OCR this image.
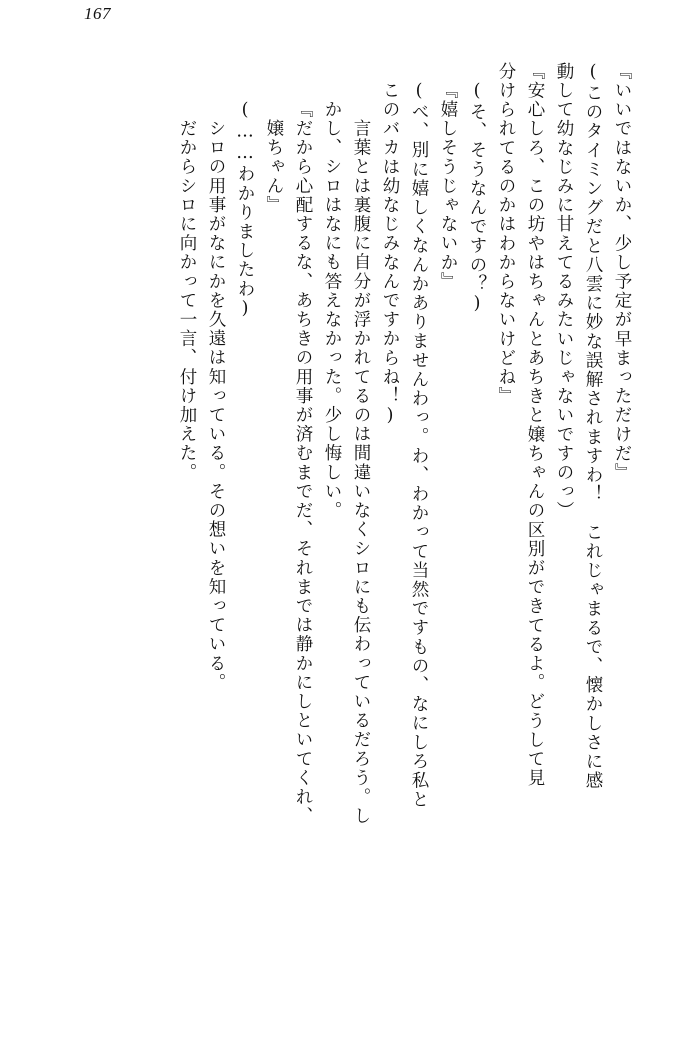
167
『いいではないか、少し予定が早まっただけだ』
(このタイミングだと八雲に妙な誤解されますわ！　これじゃまるで、懐かしさに感
動して幼なじみに甘えてるみたいじゃないですのっ）
『安心しろ、この坊やはちゃんとあちきと嬢ちゃんの区別ができてるよ。どうして見
分けられてるのかはわからないけどね』
(そ、そうなんですの？)
『嬉しそうじゃないか』
(べ、別に嬉しくなんかありませんわっ。わ、わかって当然ですもの、なにしろ私と
このバカは幼なじみなんですからね！)
　言葉とは裏腹に自分が浮かれてるのは間違いなくシロにも伝わっているだろう。し
かし、シロはなにも答えなかった。少し悔しい。
『だから心配するな、あちきの用事が済むまでだ、それまでは静かにしといてくれ、
　嬢ちゃん』
(……わかりましたわ)
　シロの用事がなにかを久遠は知っている。その想いを知っている。
　だからシロに向かって一言、付け加えた。
